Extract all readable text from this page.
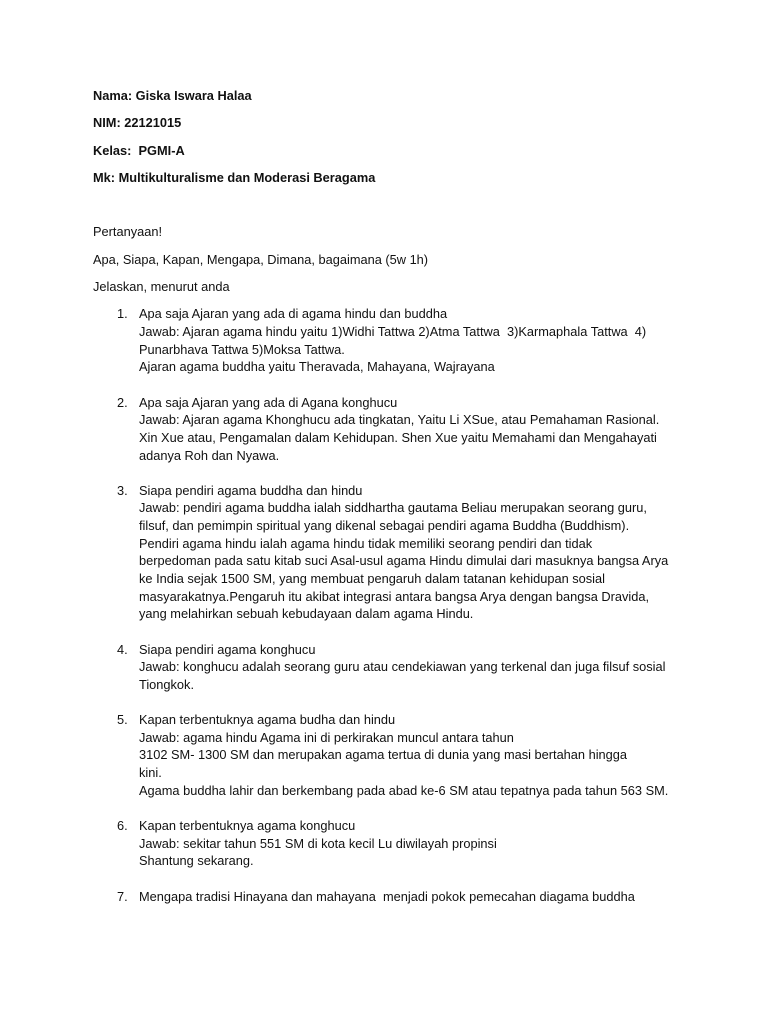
Nama: Giska Iswara Halaa
NIM: 22121015
Kelas:  PGMI-A
Mk: Multikulturalisme dan Moderasi Beragama
Pertanyaan!
Apa, Siapa, Kapan, Mengapa, Dimana, bagaimana (5w 1h)
Jelaskan, menurut anda
1. Apa saja Ajaran yang ada di agama hindu dan buddha
Jawab: Ajaran agama hindu yaitu 1)Widhi Tattwa 2)Atma Tattwa  3)Karmaphala Tattwa  4)
Punarbhava Tattwa 5)Moksa Tattwa.
Ajaran agama buddha yaitu Theravada, Mahayana, Wajrayana
2. Apa saja Ajaran yang ada di Agana konghucu
Jawab: Ajaran agama Khonghucu ada tingkatan, Yaitu Li XSue, atau Pemahaman Rasional.
Xin Xue atau, Pengamalan dalam Kehidupan. Shen Xue yaitu Memahami dan Mengahayati
adanya Roh dan Nyawa.
3. Siapa pendiri agama buddha dan hindu
Jawab: pendiri agama buddha ialah siddhartha gautama Beliau merupakan seorang guru,
filsuf, dan pemimpin spiritual yang dikenal sebagai pendiri agama Buddha (Buddhism).
Pendiri agama hindu ialah agama hindu tidak memiliki seorang pendiri dan tidak
berpedoman pada satu kitab suci Asal-usul agama Hindu dimulai dari masuknya bangsa Arya
ke India sejak 1500 SM, yang membuat pengaruh dalam tatanan kehidupan sosial
masyarakatnya.Pengaruh itu akibat integrasi antara bangsa Arya dengan bangsa Dravida,
yang melahirkan sebuah kebudayaan dalam agama Hindu.
4. Siapa pendiri agama konghucu
Jawab: konghucu adalah seorang guru atau cendekiawan yang terkenal dan juga filsuf sosial
Tiongkok.
5. Kapan terbentuknya agama budha dan hindu
Jawab: agama hindu Agama ini di perkirakan muncul antara tahun
3102 SM- 1300 SM dan merupakan agama tertua di dunia yang masi bertahan hingga
kini.
Agama buddha lahir dan berkembang pada abad ke-6 SM atau tepatnya pada tahun 563 SM.
6. Kapan terbentuknya agama konghucu
Jawab: sekitar tahun 551 SM di kota kecil Lu diwilayah propinsi
Shantung sekarang.
7. Mengapa tradisi Hinayana dan mahayana  menjadi pokok pemecahan diagama buddha
